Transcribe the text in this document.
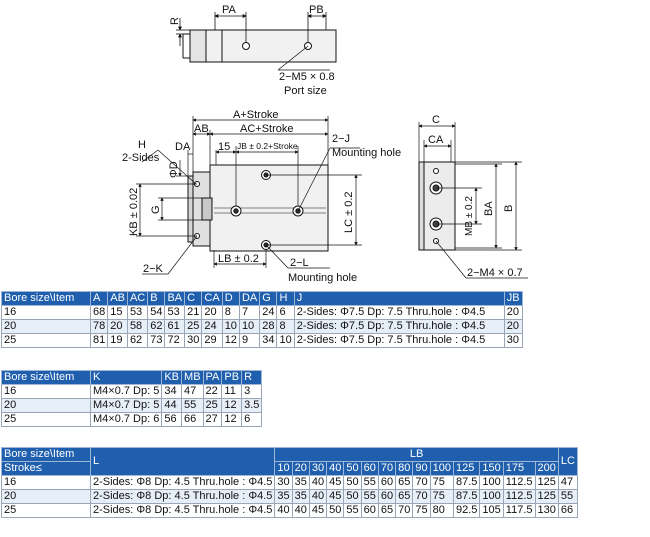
PA	PB
R
2−M5 × 0.8
Port size
A+Stroke
AB	AC+Stroke
DA	15 JB ± 0.2+Stroke
H
2-Sides
ΦD
KB ± 0.02 G
2−K
LB ± 0.2	2−L
Mounting hole
2−J
Mounting hole
LC ± 0.2
C
CA
MB ± 0.2 BA B
2−M4 × 0.7
Bore size\Item	A	AB	AC	B	BA	C	CA	D	DA	G	H	J	JB
16	68	15	53	54	53	21	20	8	7	24	6	2-Sides: Φ7.5 Dp: 7.5 Thru.hole : Φ4.5	20
20	78	20	58	62	61	25	24	10	10	28	8	2-Sides: Φ7.5 Dp: 7.5 Thru.hole : Φ4.5	20
25	81	19	62	73	72	30	29	12	9	34	10	2-Sides: Φ7.5 Dp: 7.5 Thru.hole : Φ4.5	30
Bore size\Item	K	KB	MB	PA	PB	R
16	M4×0.7 Dp: 5	34	47	22	11	3
20	M4×0.7 Dp: 5	44	55	25	12	3.5
25	M4×0.7 Dp: 6	56	66	27	12	6
Bore size\Item	L	LB														LC
Stroke≤		10	20	30	40	50	60	70	80	90	100	125	150	175	200	
16	2-Sides: Φ8 Dp: 4.5 Thru.hole : Φ4.5	30	35	40	45	50	55	60	65	70	75	87.5	100	112.5	125	47
20	2-Sides: Φ8 Dp: 4.5 Thru.hole : Φ4.5	35	35	40	45	50	55	60	65	70	75	87.5	100	112.5	125	55
25	2-Sides: Φ8 Dp: 4.5 Thru.hole : Φ4.5	40	40	45	50	55	60	65	70	75	80	92.5	105	117.5	130	66
